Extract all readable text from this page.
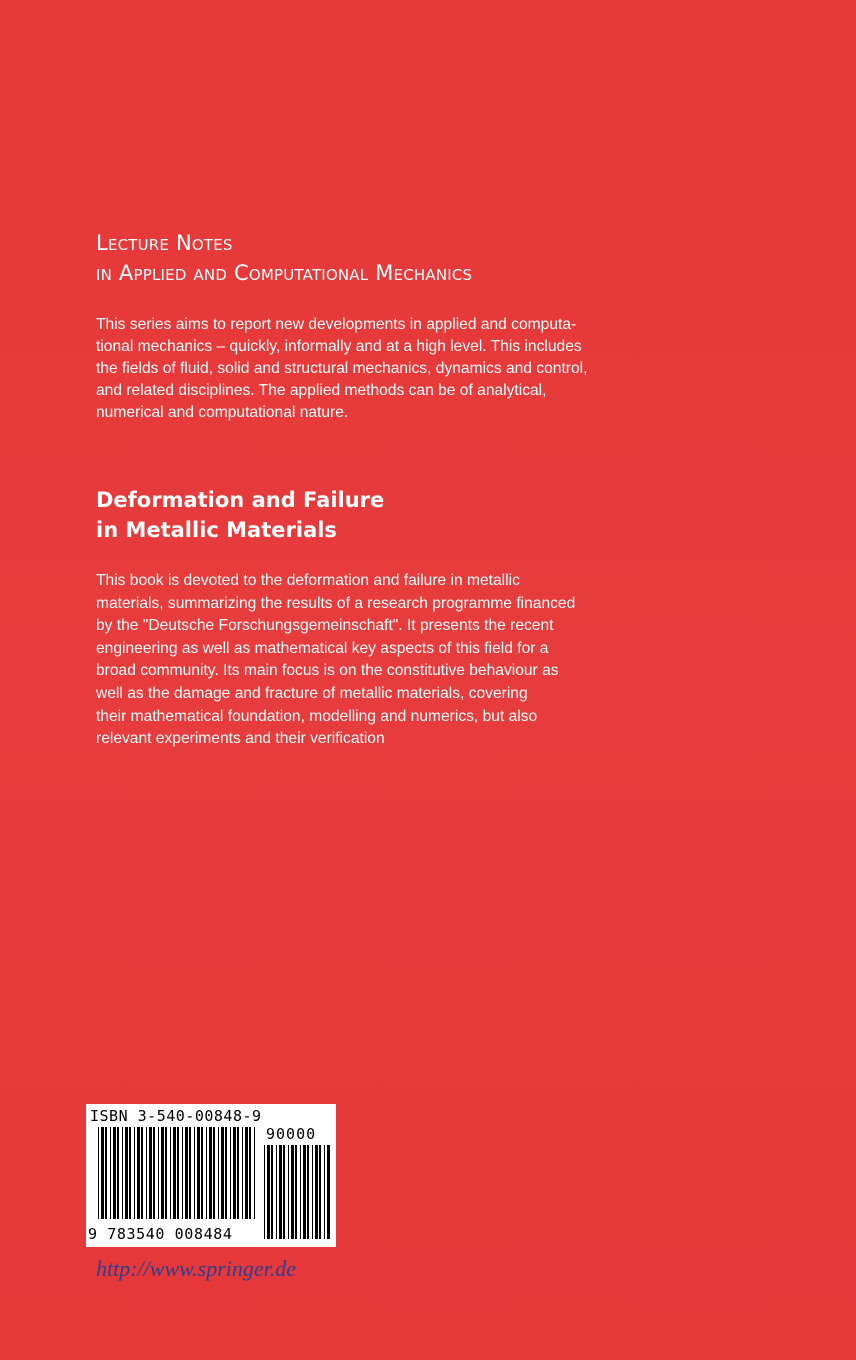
Lecture Notes
in Applied and Computational Mechanics
This series aims to report new developments in applied and computa-
tional mechanics – quickly, informally and at a high level. This includes
the fields of fluid, solid and structural mechanics, dynamics and control,
and related disciplines. The applied methods can be of analytical,
numerical and computational nature.
Deformation and Failure
in Metallic Materials
This book is devoted to the deformation and failure in metallic
materials, summarizing the results of a research programme financed
by the "Deutsche Forschungsgemeinschaft". It presents the recent
engineering as well as mathematical key aspects of this field for a
broad community. Its main focus is on the constitutive behaviour as
well as the damage and fracture of metallic materials, covering
their mathematical foundation, modelling and numerics, but also
relevant experiments and their verification
ISBN 3-540-00848-9
90000
9 783540 008484
http://www.springer.de
